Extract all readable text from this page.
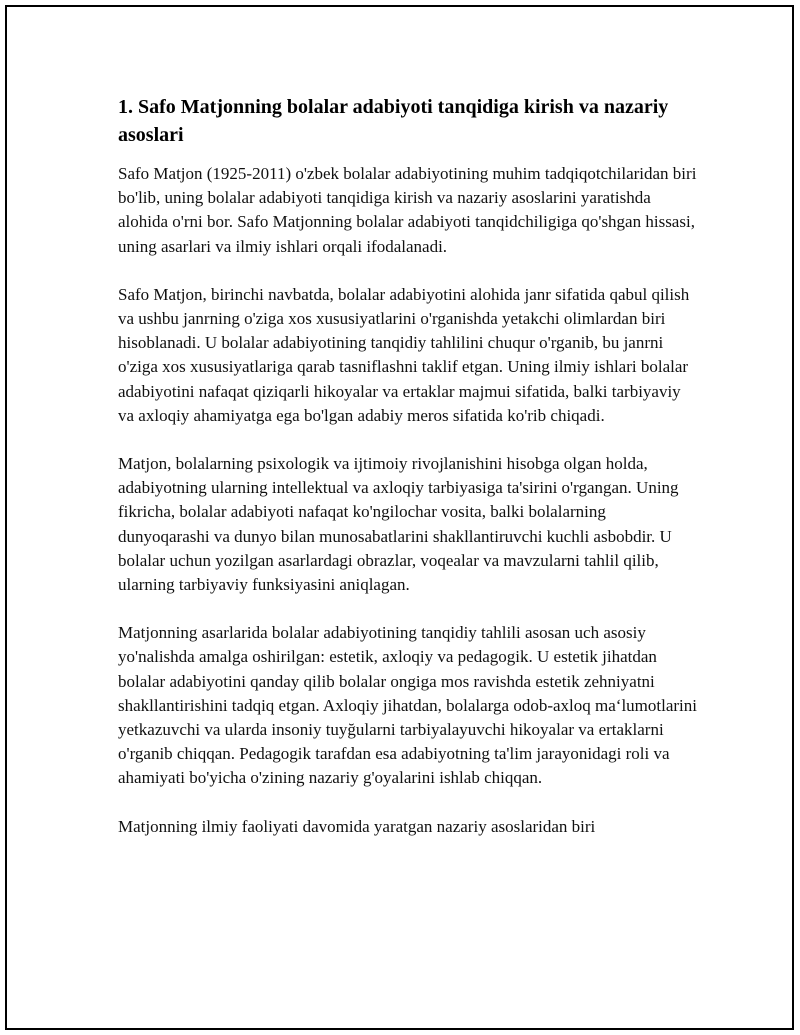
1. Safo Matjonning bolalar adabiyoti tanqidiga kirish va nazariy asoslari

Safo Matjon (1925-2011) o'zbek bolalar adabiyotining muhim tadqiqotchilaridan biri bo'lib, uning bolalar adabiyoti tanqidiga kirish va nazariy asoslarini yaratishda alohida o'rni bor. Safo Matjonning bolalar adabiyoti tanqidchiligiga qo'shgan hissasi, uning asarlari va ilmiy ishlari orqali ifodalanadi.

Safo Matjon, birinchi navbatda, bolalar adabiyotini alohida janr sifatida qabul qilish va ushbu janrning o'ziga xos xususiyatlarini o'rganishda yetakchi olimlardan biri hisoblanadi. U bolalar adabiyotining tanqidiy tahlilini chuqur o'rganib, bu janrni o'ziga xos xususiyatlariga qarab tasniflashni taklif etgan. Uning ilmiy ishlari bolalar adabiyotini nafaqat qiziqarli hikoyalar va ertaklar majmui sifatida, balki tarbiyaviy va axloqiy ahamiyatga ega bo'lgan adabiy meros sifatida ko'rib chiqadi.

Matjon, bolalarning psixologik va ijtimoiy rivojlanishini hisobga olgan holda, adabiyotning ularning intellektual va axloqiy tarbiyasiga ta'sirini o'rgangan. Uning fikricha, bolalar adabiyoti nafaqat ko'ngilochar vosita, balki bolalarning dunyoqarashi va dunyo bilan munosabatlarini shakllantiruvchi kuchli asbobdir. U bolalar uchun yozilgan asarlardagi obrazlar, voqealar va mavzularni tahlil qilib, ularning tarbiyaviy funksiyasini aniqlagan.

Matjonning asarlarida bolalar adabiyotining tanqidiy tahlili asosan uch asosiy yo'nalishda amalga oshirilgan: estetik, axloqiy va pedagogik. U estetik jihatdan bolalar adabiyotini qanday qilib bolalar ongiga mos ravishda estetik zehniyatni shakllantirishini tadqiq etgan. Axloqiy jihatdan, bolalarga odob-axloq ma‘lumotlarini yetkazuvchi va ularda insoniy tuyğularni tarbiyalayuvchi hikoyalar va ertaklarni o'rganib chiqqan. Pedagogik tarafdan esa adabiyotning ta'lim jarayonidagi roli va ahamiyati bo'yicha o'zining nazariy g'oyalarini ishlab chiqqan.

Matjonning ilmiy faoliyati davomida yaratgan nazariy asoslaridan biri
